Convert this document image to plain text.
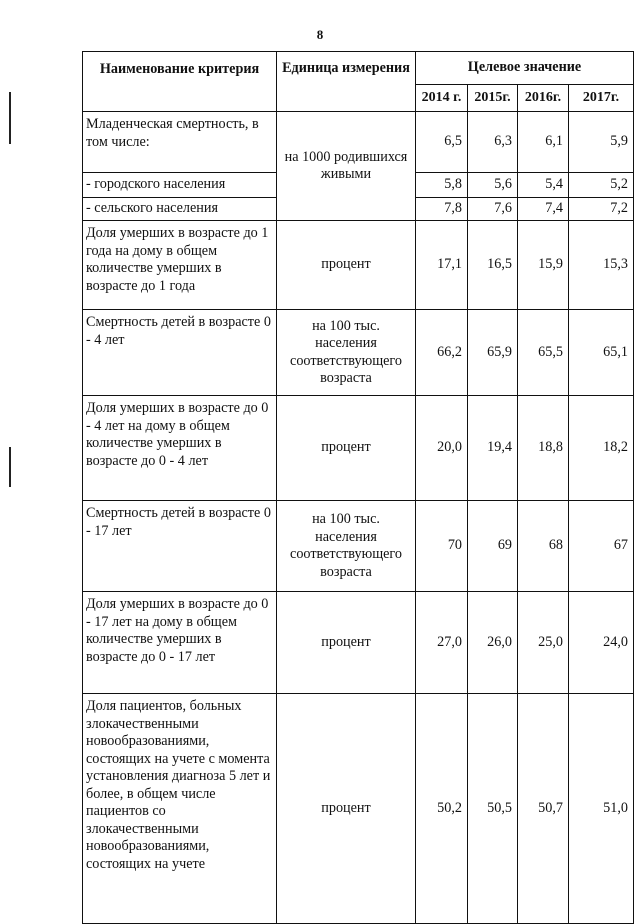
8
Наименование критерия	Единица измерения	Целевое значение			
		2014 г.	2015г.	2016г.	2017г.
Младенческая смертность, в том числе:	на 1000 родившихся живыми	6,5	6,3	6,1	5,9
- городского населения		5,8	5,6	5,4	5,2
- сельского населения		7,8	7,6	7,4	7,2
Доля умерших в возрасте до 1 года на дому в общем количестве умерших в возрасте до 1 года	процент	17,1	16,5	15,9	15,3
Смертность детей в возрасте 0 - 4 лет	на 100 тыс. населения соответствующего возраста	66,2	65,9	65,5	65,1
Доля умерших в возрасте до 0 - 4 лет на дому в общем количестве умерших в возрасте до 0 - 4 лет	процент	20,0	19,4	18,8	18,2
Смертность детей в возрасте 0 - 17 лет	на 100 тыс. населения соответствующего возраста	70	69	68	67
Доля умерших в возрасте до 0 - 17 лет на дому в общем количестве умерших в возрасте до 0 - 17 лет	процент	27,0	26,0	25,0	24,0
Доля пациентов, больных злокачественными новообразованиями, состоящих на учете с момента установления диагноза 5 лет и более, в общем числе пациентов со злокачественными новообразованиями, состоящих на учете	процент	50,2	50,5	50,7	51,0
